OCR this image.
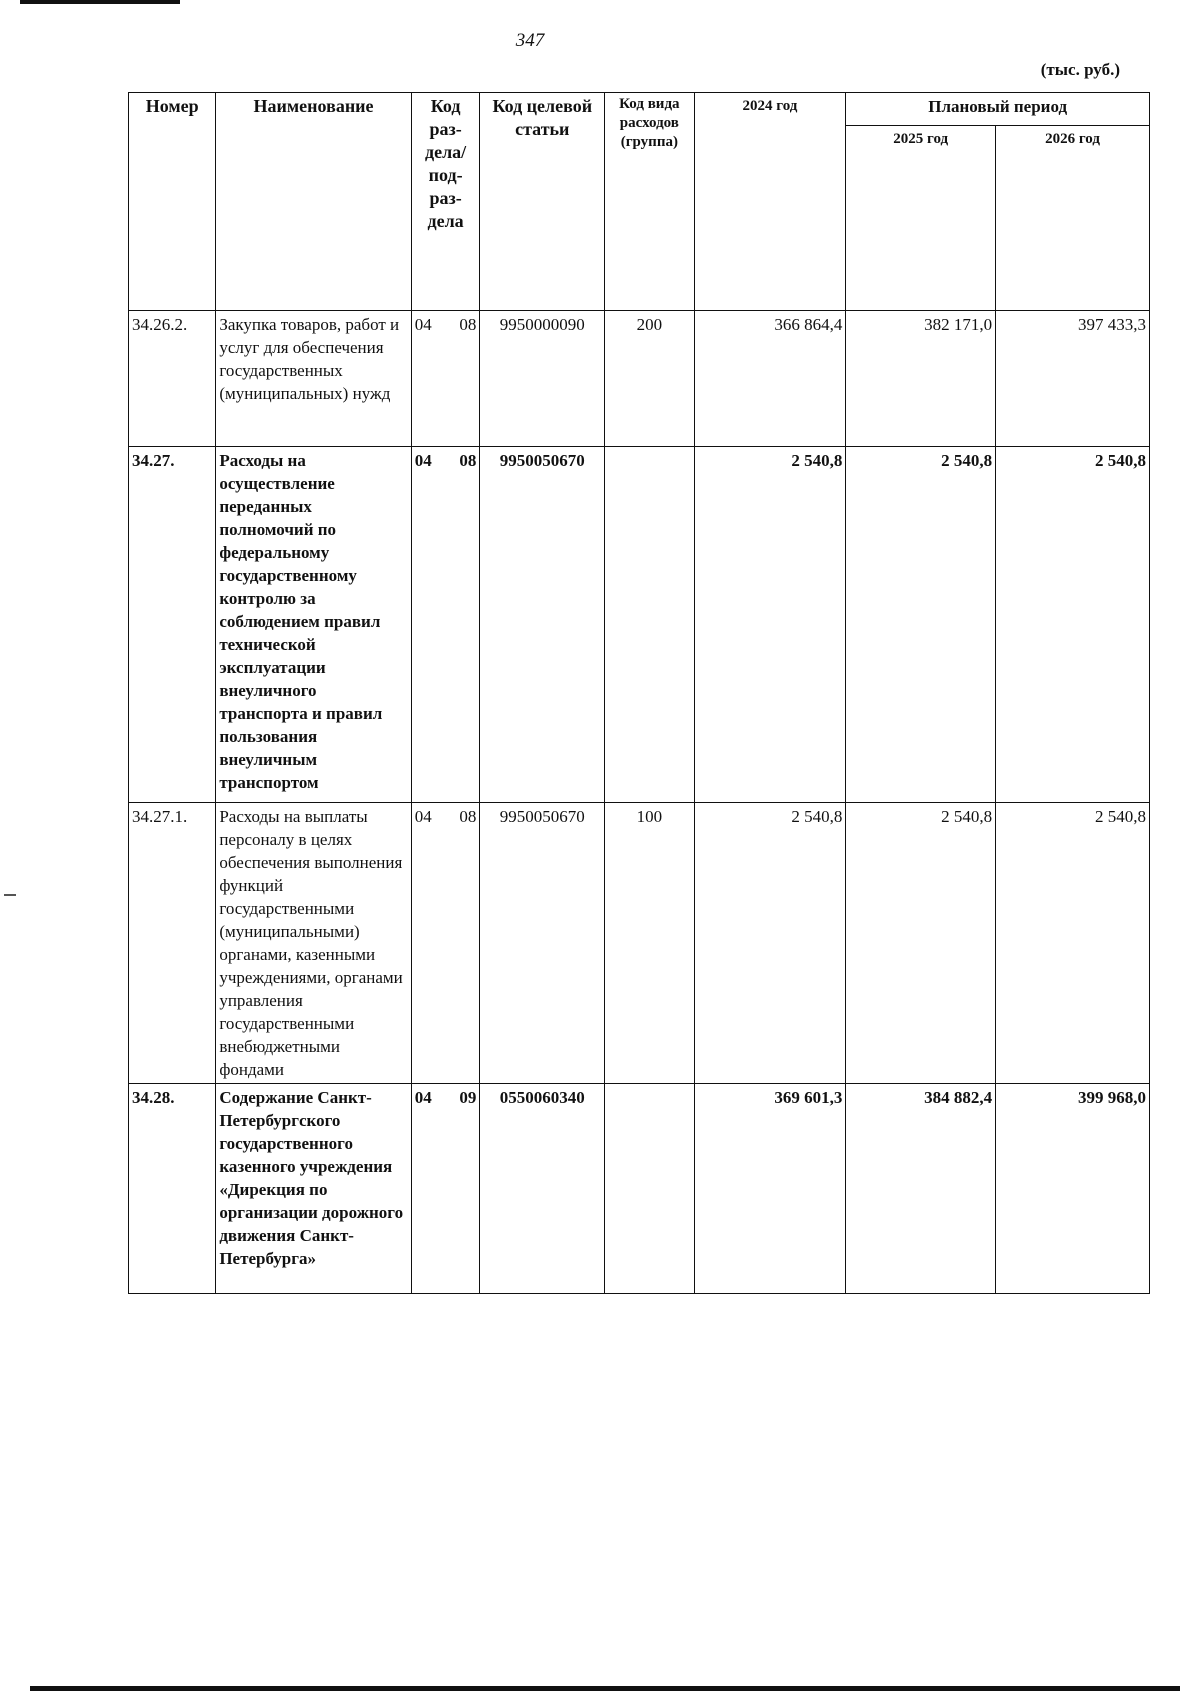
347
(тыс. руб.)
Номер	Наименование	Код раз-дела/ под-раз-дела	Код целевой статьи	Код вида расходов (группа)	2024 год	Плановый период	
						2025 год	2026 год
34.26.2.	Закупка товаров, работ и услуг для обеспечения государственных (муниципальных) нужд	04 08	9950000090	200	366 864,4	382 171,0	397 433,3
34.27.	Расходы на осуществление переданных полномочий по федеральному государственному контролю за соблюдением правил технической эксплуатации внеуличного транспорта и правил пользования внеуличным транспортом	04 08	9950050670		2 540,8	2 540,8	2 540,8
34.27.1.	Расходы на выплаты персоналу в целях обеспечения выполнения функций государственными (муниципальными) органами, казенными учреждениями, органами управления государственными внебюджетными фондами	04 08	9950050670	100	2 540,8	2 540,8	2 540,8
34.28.	Содержание Санкт-Петербургского государственного казенного учреждения «Дирекция по организации дорожного движения Санкт-Петербурга»	04 09	0550060340		369 601,3	384 882,4	399 968,0
